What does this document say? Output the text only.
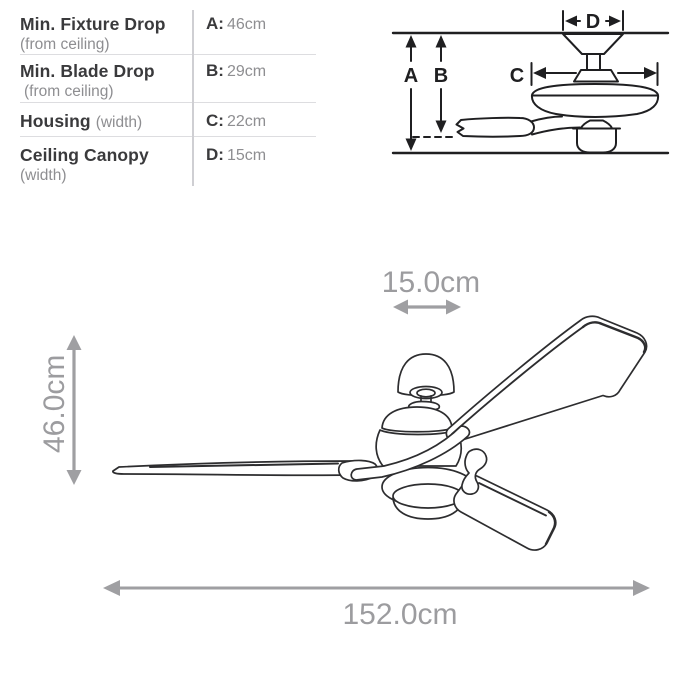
Min. Fixture Drop
(from ceiling)
A: 46cm
Min. Blade Drop
(from ceiling)
B: 29cm
Housing (width)	C: 22cm
Ceiling Canopy
(width)
D: 15cm
A B	C
D
15.0cm
46.0cm
152.0cm
